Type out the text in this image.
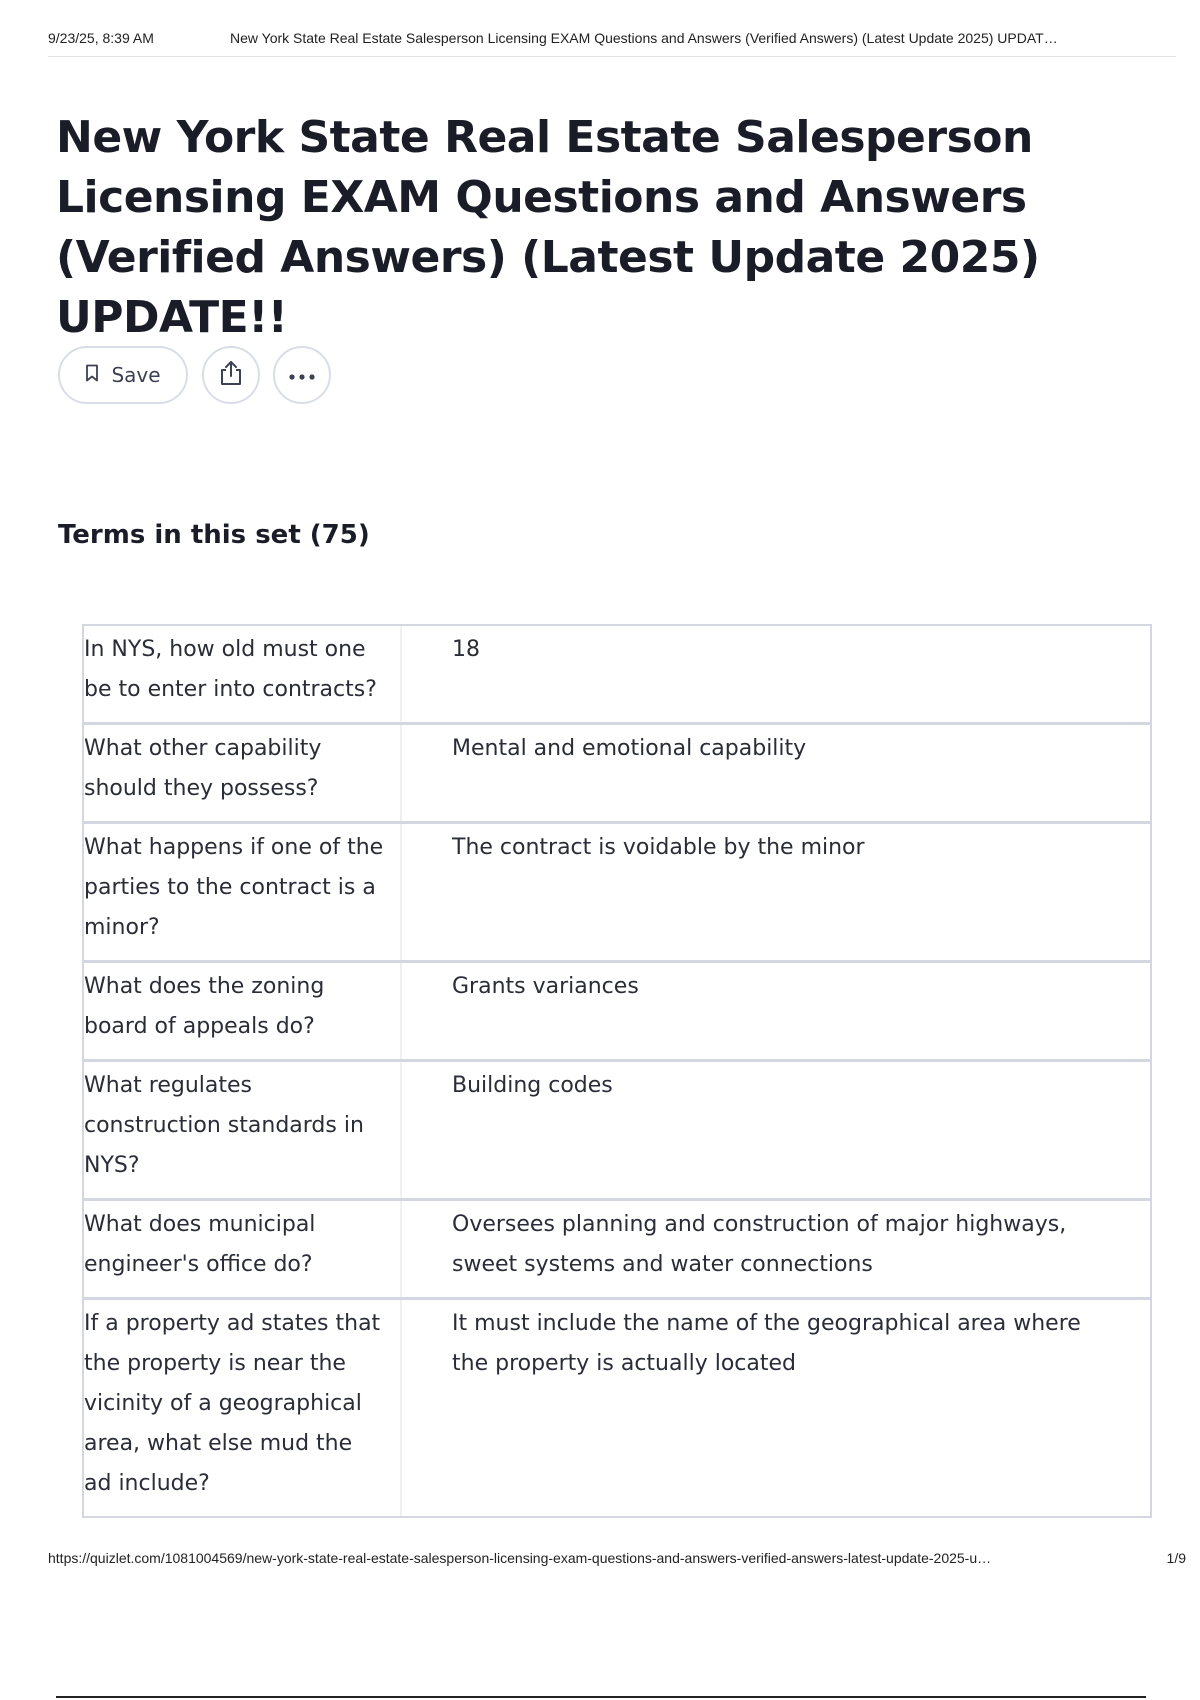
9/23/25, 8:39 AM	New York State Real Estate Salesperson Licensing EXAM Questions and Answers (Verified Answers) (Latest Update 2025) UPDAT…
New York State Real Estate Salesperson Licensing EXAM Questions and Answers (Verified Answers) (Latest Update 2025) UPDATE!!
Save
Terms in this set (75)
In NYS, how old must one be to enter into contracts?
18
What other capability should they possess?
Mental and emotional capability
What happens if one of the parties to the contract is a minor?
The contract is voidable by the minor
What does the zoning board of appeals do?
Grants variances
What regulates construction standards in NYS?
Building codes
What does municipal engineer's office do?
Oversees planning and construction of major highways, sweet systems and water connections
If a property ad states that the property is near the vicinity of a geographical area, what else mud the ad include?
It must include the name of the geographical area where the property is actually located
https://quizlet.com/1081004569/new-york-state-real-estate-salesperson-licensing-exam-questions-and-answers-verified-answers-latest-update-2025-u…	1/9
